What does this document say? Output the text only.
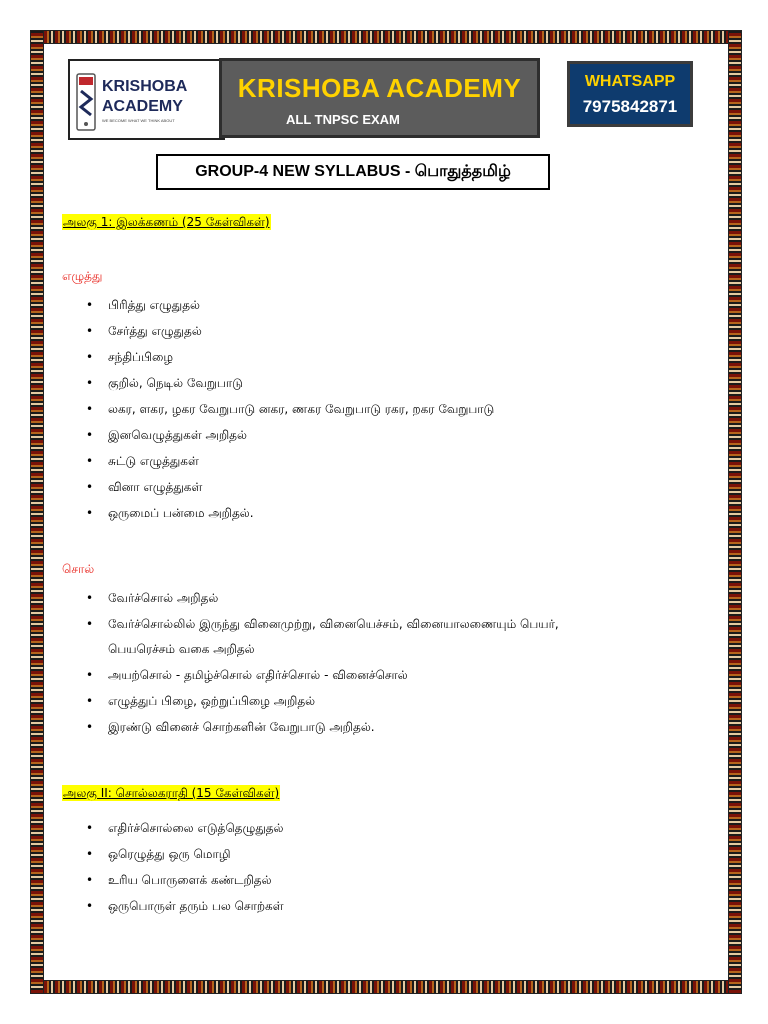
KRISHOBA
ACADEMY
WE BECOME WHAT WE THINK ABOUT
KRISHOBA ACADEMY
ALL TNPSC EXAM
WHATSAPP
7975842871
GROUP-4 NEW SYLLABUS - பொதுத்தமிழ்
அலகு 1: இலக்கணம் (25 கேள்விகள்)
எழுத்து
• பிரித்து எழுதுதல்
• சேர்த்து எழுதுதல்
• சந்திப்பிழை
• குறில், நெடில் வேறுபாடு
• லகர, ளகர, ழகர வேறுபாடு னகர, ணகர வேறுபாடு ரகர, றகர வேறுபாடு
• இனவெழுத்துகள் அறிதல்
• சுட்டு எழுத்துகள்
• வினா எழுத்துகள்
• ஒருமைப் பன்மை அறிதல்.
சொல்
• வேர்ச்சொல் அறிதல்
• வேர்ச்சொல்லில் இருந்து வினைமுற்று, வினையெச்சம், வினையாலணையும் பெயர்,
பெயரெச்சம் வகை அறிதல்
• அயற்சொல் - தமிழ்ச்சொல் எதிர்ச்சொல் - வினைச்சொல்
• எழுத்துப் பிழை, ஒற்றுப்பிழை அறிதல்
• இரண்டு வினைச் சொற்களின் வேறுபாடு அறிதல்.
அலகு II: சொல்லகராதி (15 கேள்விகள்)
• எதிர்ச்சொல்லை எடுத்தெழுதுதல்
• ஒரெழுத்து ஒரு மொழி
• உரிய பொருளைக் கண்டறிதல்
• ஒருபொருள் தரும் பல சொற்கள்
